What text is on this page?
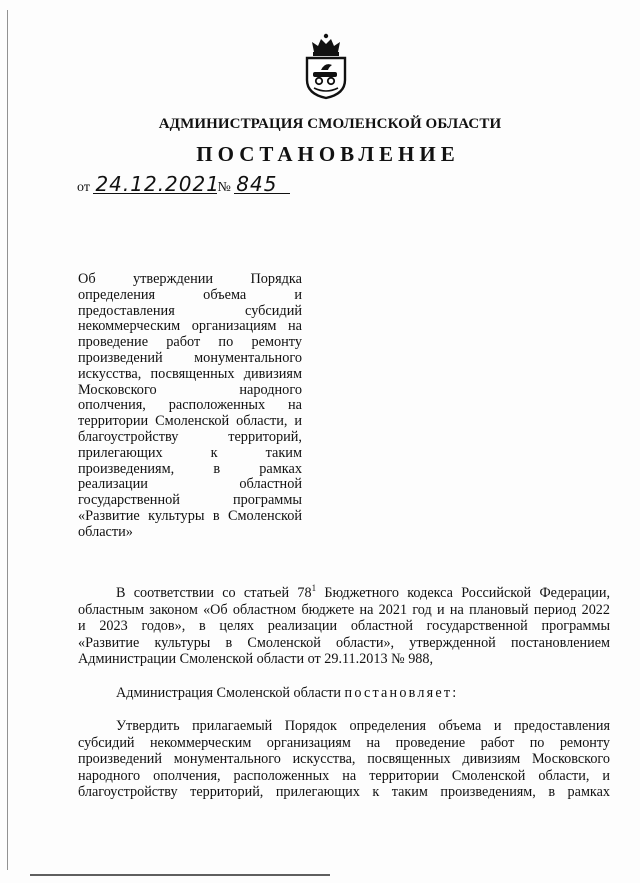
АДМИНИСТРАЦИЯ СМОЛЕНСКОЙ ОБЛАСТИ
ПОСТАНОВЛЕНИЕ
от 24.12.2021№ 845
Об утверждении Порядка
определения объема и
предоставления субсидий
некоммерческим организациям на
проведение работ по ремонту
произведений монументального
искусства, посвященных дивизиям
Московского народного
ополчения, расположенных на
территории Смоленской области, и
благоустройству территорий,
прилегающих к таким
произведениям, в рамках
реализации областной
государственной программы
«Развитие культуры в Смоленской
области»
В соответствии со статьей $78^1$ Бюджетного кодекса Российской Федерации,
областным законом «Об областном бюджете на 2021 год и на плановый период 2022
и 2023 годов», в целях реализации областной государственной программы
«Развитие культуры в Смоленской области», утвержденной постановлением
Администрации Смоленской области от 29.11.2013 № 988,
Администрация Смоленской области постановляет:
Утвердить прилагаемый Порядок определения объема и предоставления
субсидий некоммерческим организациям на проведение работ по ремонту
произведений монументального искусства, посвященных дивизиям Московского
народного ополчения, расположенных на территории Смоленской области, и
благоустройству территорий, прилегающих к таким произведениям, в рамках
